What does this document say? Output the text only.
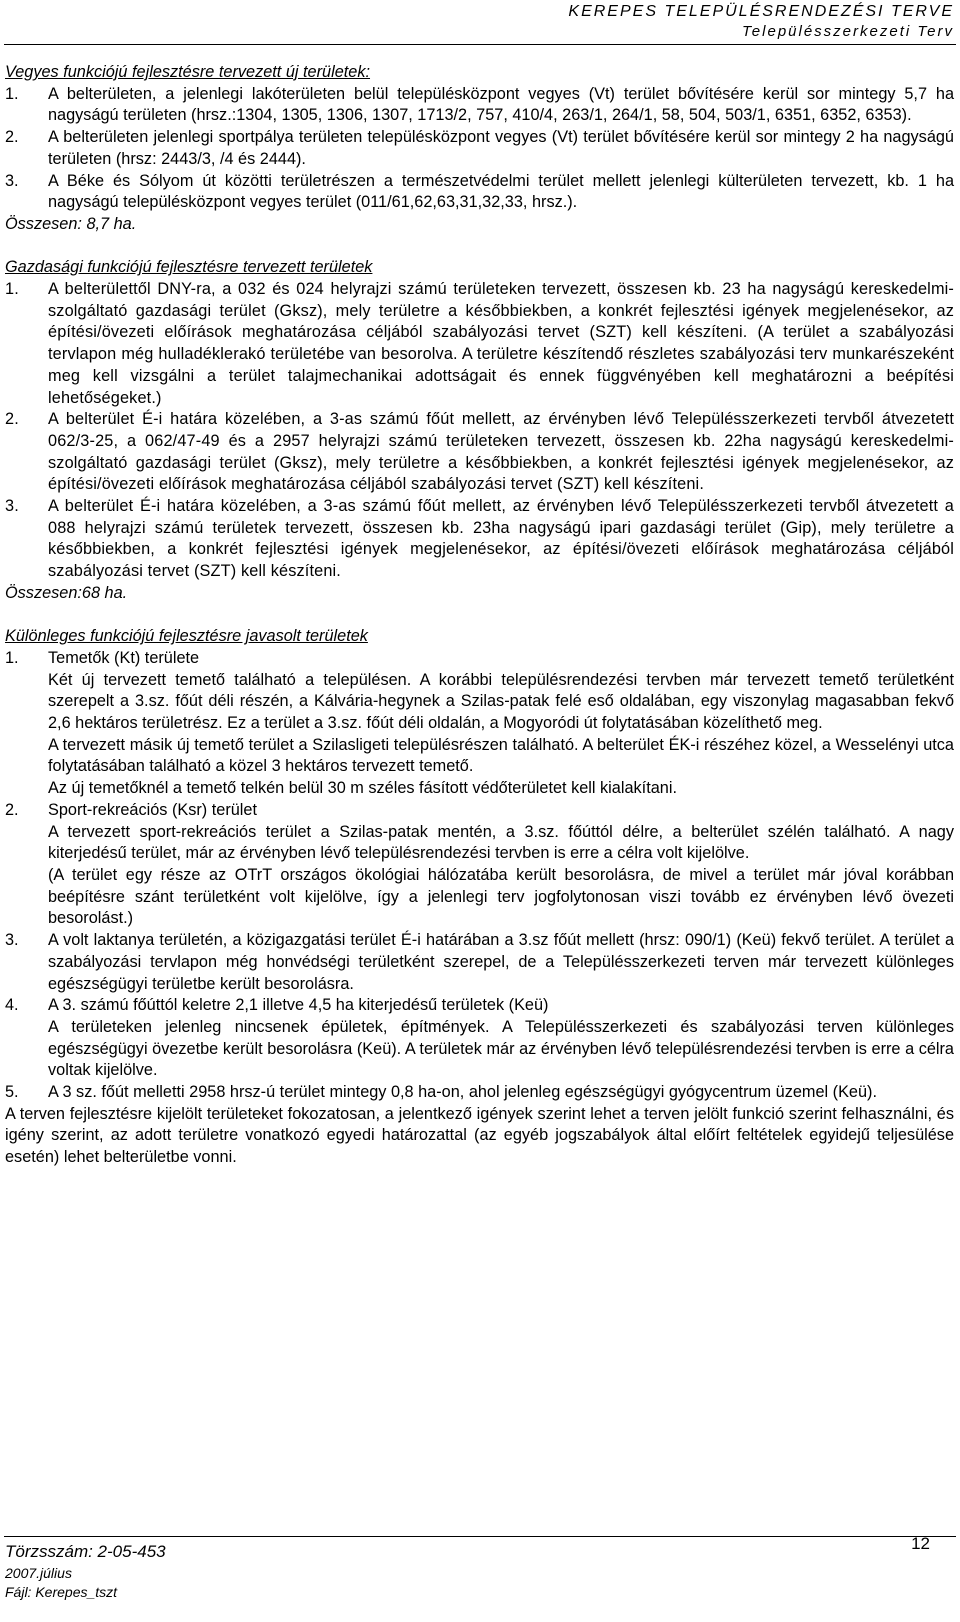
KEREPES TELEPÜLÉSRENDEZÉSI TERVE
Településszerkezeti Terv
Vegyes funkciójú fejlesztésre tervezett új területek:
1. A belterületen, a jelenlegi lakóterületen belül településközpont vegyes (Vt) terület bővítésére kerül sor mintegy 5,7 ha nagyságú területen (hrsz.:1304, 1305, 1306, 1307, 1713/2, 757, 410/4, 263/1, 264/1, 58, 504, 503/1, 6351, 6352, 6353).

2. A belterületen jelenlegi sportpálya területen településközpont vegyes (Vt) terület bővítésére kerül sor mintegy 2 ha nagyságú területen (hrsz: 2443/3, /4 és 2444).

3. A Béke és Sólyom út közötti területrészen a természetvédelmi terület mellett jelenlegi külterületen tervezett, kb. 1 ha nagyságú településközpont vegyes terület (011/61,62,63,31,32,33, hrsz.).

Összesen: 8,7 ha.
Gazdasági funkciójú fejlesztésre tervezett területek
1. A belterülettől DNY-ra, a 032 és 024 helyrajzi számú területeken tervezett, összesen kb. 23 ha nagyságú kereskedelmi-szolgáltató gazdasági terület (Gksz), mely területre a későbbiekben, a konkrét fejlesztési igények megjelenésekor, az építési/övezeti előírások meghatározása céljából szabályozási tervet (SZT) kell készíteni. (A terület a szabályozási tervlapon még hulladéklerakó területébe van besorolva. A területre készítendő részletes szabályozási terv munkarészeként meg kell vizsgálni a terület talajmechanikai adottságait és ennek függvényében kell meghatározni a beépítési lehetőségeket.)

2. A belterület É-i határa közelében, a 3-as számú főút mellett, az érvényben lévő Településszerkezeti tervből átvezetett 062/3-25, a 062/47-49 és a 2957 helyrajzi számú területeken tervezett, összesen kb. 22ha nagyságú kereskedelmi-szolgáltató gazdasági terület (Gksz), mely területre a későbbiekben, a konkrét fejlesztési igények megjelenésekor, az építési/övezeti előírások meghatározása céljából szabályozási tervet (SZT) kell készíteni.

3. A belterület É-i határa közelében, a 3-as számú főút mellett, az érvényben lévő Településszerkezeti tervből átvezetett a 088 helyrajzi számú területek tervezett, összesen kb. 23ha nagyságú ipari gazdasági terület (Gip), mely területre a későbbiekben, a konkrét fejlesztési igények megjelenésekor, az építési/övezeti előírások meghatározása céljából szabályozási tervet (SZT) kell készíteni.

Összesen:68 ha.
Különleges funkciójú fejlesztésre javasolt területek
1. Temetők (Kt) területe

Két új tervezett temető található a településen. A korábbi településrendezési tervben már tervezett temető területként szerepelt a 3.sz. főút déli részén, a Kálvária-hegynek a Szilas-patak felé eső oldalában, egy viszonylag magasabban fekvő 2,6 hektáros területrész. Ez a terület a 3.sz. főút déli oldalán, a Mogyoródi út folytatásában közelíthető meg.

A tervezett másik új temető terület a Szilasligeti településrészen található. A belterület ÉK-i részéhez közel, a Wesselényi utca folytatásában található a közel 3 hektáros tervezett temető.

Az új temetőknél a temető telkén belül 30 m széles fásított védőterületet kell kialakítani.

2. Sport-rekreációs (Ksr) terület

A tervezett sport-rekreációs terület a Szilas-patak mentén, a 3.sz. főúttól délre, a belterület szélén található. A nagy kiterjedésű terület, már az érvényben lévő településrendezési tervben is erre a célra volt kijelölve.

(A terület egy része az OTrT országos ökológiai hálózatába került besorolásra, de mivel a terület már jóval korábban beépítésre szánt területként volt kijelölve, így a jelenlegi terv jogfolytonosan viszi tovább ez érvényben lévő övezeti besorolást.)

3. A volt laktanya területén, a közigazgatási terület É-i határában a 3.sz főút mellett (hrsz: 090/1) (Keü) fekvő terület. A terület a szabályozási tervlapon még honvédségi területként szerepel, de a Településszerkezeti terven már tervezett különleges egészségügyi területbe került besorolásra.

4. A 3. számú főúttól keletre 2,1 illetve 4,5 ha kiterjedésű területek (Keü)

A területeken jelenleg nincsenek épületek, építmények. A Településszerkezeti és szabályozási terven különleges egészségügyi övezetbe került besorolásra (Keü). A területek már az érvényben lévő településrendezési tervben is erre a célra voltak kijelölve.

5. A 3 sz. főút melletti 2958 hrsz-ú terület mintegy 0,8 ha-on, ahol jelenleg egészségügyi gyógycentrum üzemel (Keü).

A terven fejlesztésre kijelölt területeket fokozatosan, a jelentkező igények szerint lehet a terven jelölt funkció szerint felhasználni, és igény szerint, az adott területre vonatkozó egyedi határozattal (az egyéb jogszabályok által előírt feltételek egyidejű teljesülése esetén) lehet belterületbe vonni.
Törzsszám: 2-05-453
2007.július
Fájl: Kerepes_tszt
12
